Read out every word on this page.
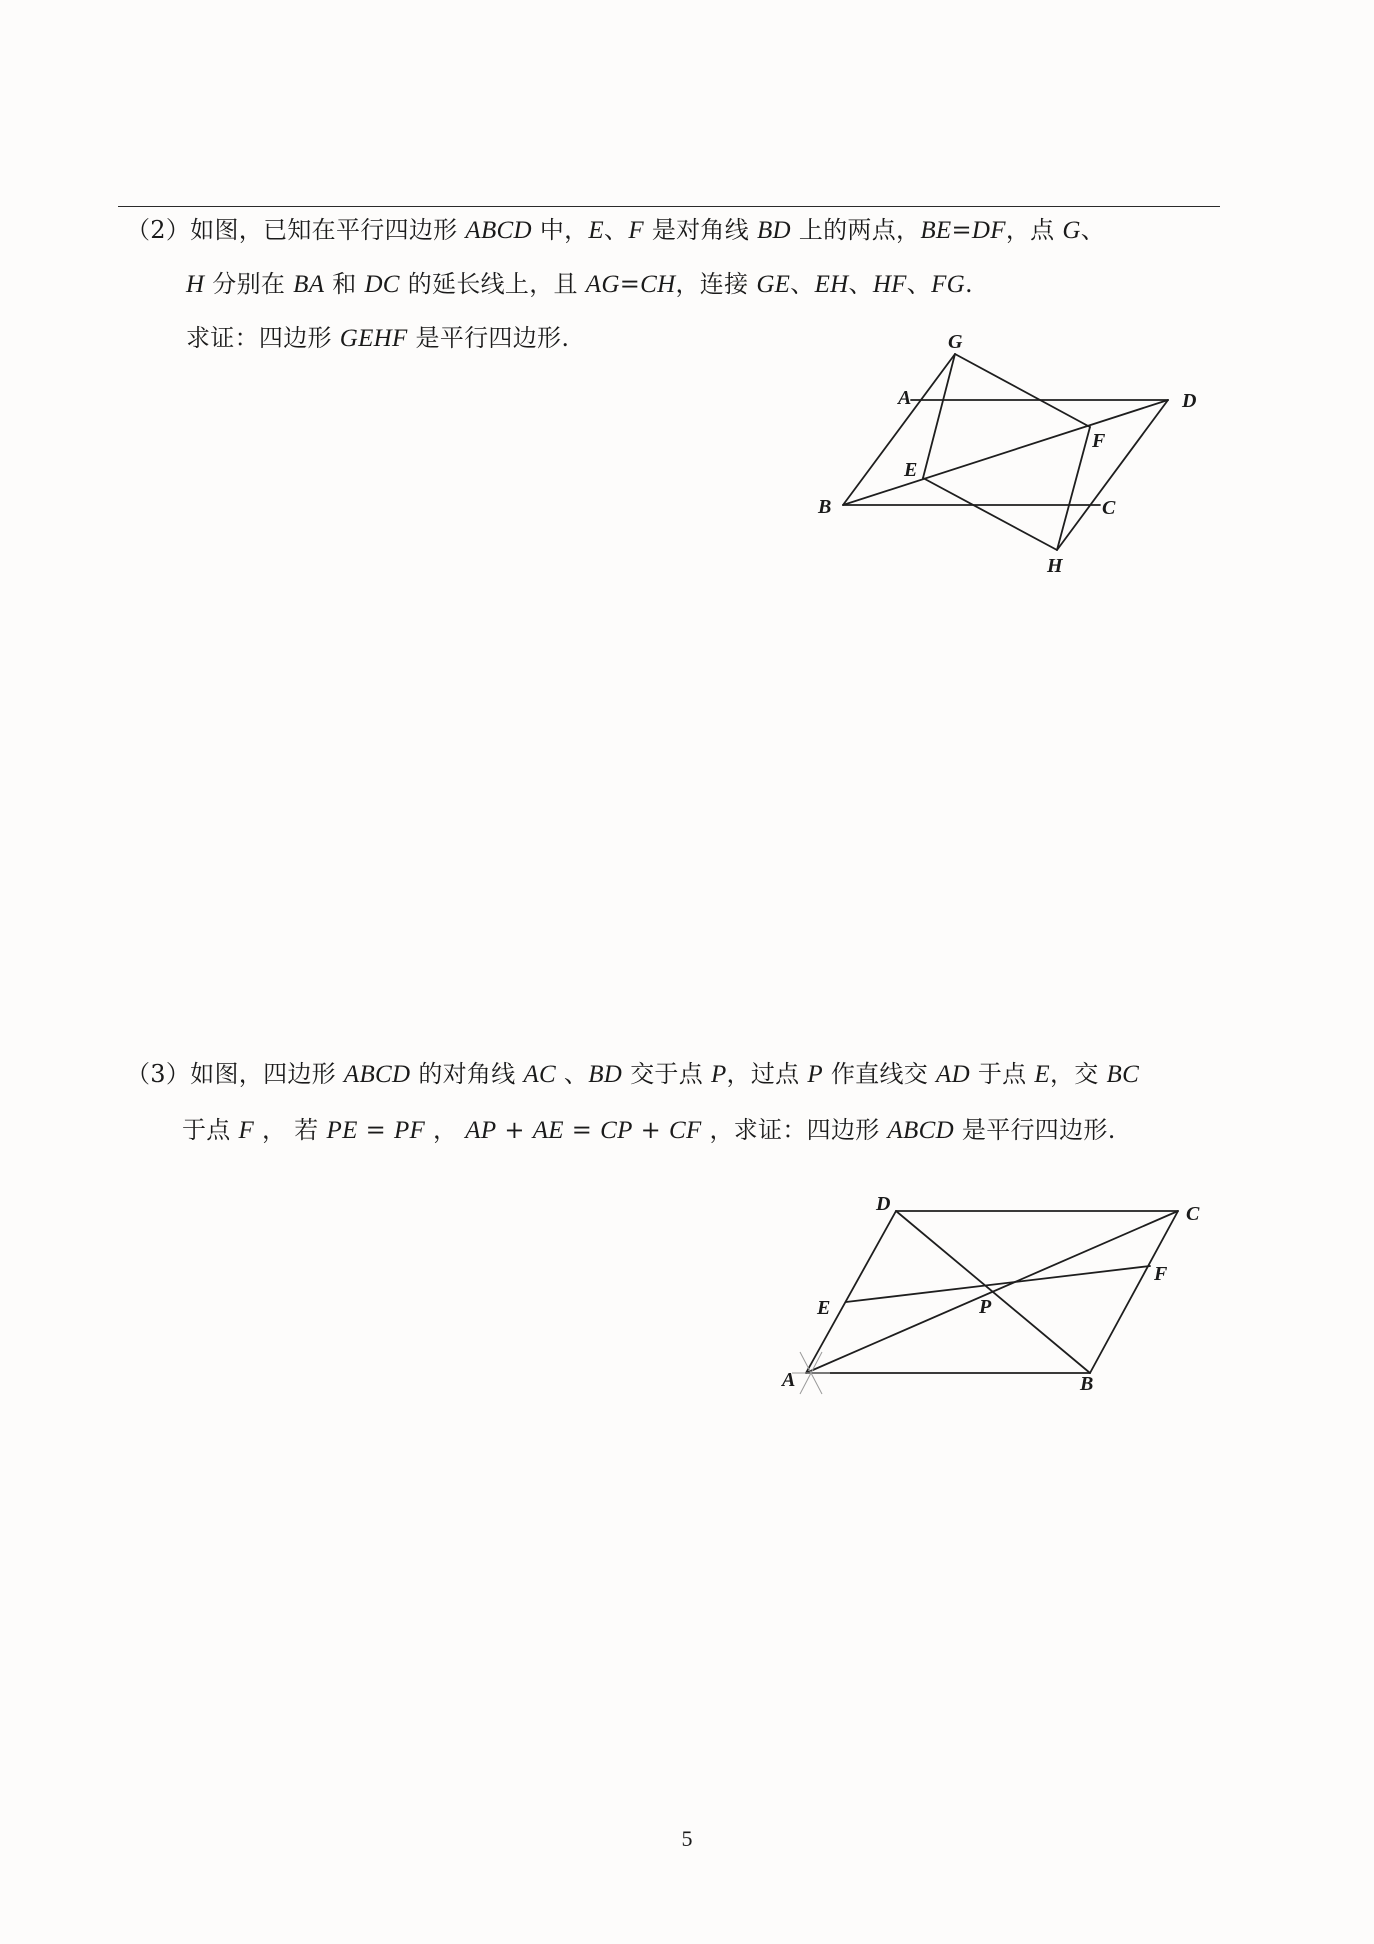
（2）如图，已知在平行四边形 ABCD 中，E、F 是对角线 BD 上的两点，BE=DF，点 G、
H 分别在 BA 和 DC 的延长线上，且 AG=CH，连接 GE、EH、HF、FG.
求证：四边形 GEHF 是平行四边形.	G
A	D
F
E
B	C
H
（3）如图，四边形 ABCD 的对角线 AC 、BD 交于点 P，过点 P 作直线交 AD 于点 E，交 BC
于点 F ， 若 PE = PF ， AP + AE = CP + CF ，求证：四边形 ABCD 是平行四边形.
D	C
F
E	P
A	B
5
